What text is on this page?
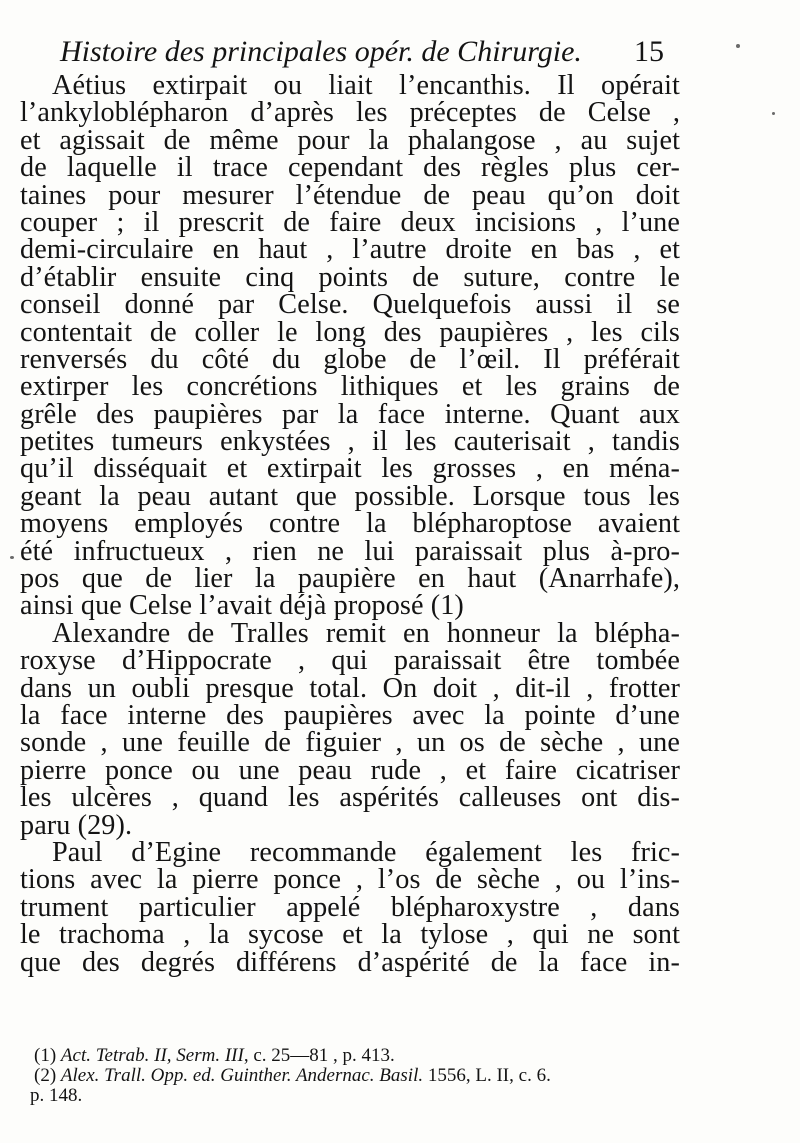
Histoire des principales opér. de Chirurgie. 15
Aétius extirpait ou liait l’encanthis. Il opérait
l’ankyloblépharon d’après les préceptes de Celse ,
et agissait de même pour la phalangose , au sujet
de laquelle il trace cependant des règles plus cer-
taines pour mesurer l’étendue de peau qu’on doit
couper ; il prescrit de faire deux incisions , l’une
demi-circulaire en haut , l’autre droite en bas , et
d’établir ensuite cinq points de suture, contre le
conseil donné par Celse. Quelquefois aussi il se
contentait de coller le long des paupières , les cils
renversés du côté du globe de l’œil. Il préférait
extirper les concrétions lithiques et les grains de
grêle des paupières par la face interne. Quant aux
petites tumeurs enkystées , il les cauterisait , tandis
qu’il disséquait et extirpait les grosses , en ména-
geant la peau autant que possible. Lorsque tous les
moyens employés contre la blépharoptose avaient
été infructueux , rien ne lui paraissait plus à-pro-
pos que de lier la paupière en haut (Anarrhafe),
ainsi que Celse l’avait déjà proposé (1)
Alexandre de Tralles remit en honneur la blépha-
roxyse d’Hippocrate , qui paraissait être tombée
dans un oubli presque total. On doit , dit-il , frotter
la face interne des paupières avec la pointe d’une
sonde , une feuille de figuier , un os de sèche , une
pierre ponce ou une peau rude , et faire cicatriser
les ulcères , quand les aspérités calleuses ont dis-
paru (29).
Paul d’Egine recommande également les fric-
tions avec la pierre ponce , l’os de sèche , ou l’ins-
trument particulier appelé blépharoxystre , dans
le trachoma , la sycose et la tylose , qui ne sont
que des degrés différens d’aspérité de la face in-
(1) Act. Tetrab. II, Serm. III, c. 25—81 , p. 413.
(2) Alex. Trall. Opp. ed. Guinther. Andernac. Basil. 1556, L. II, c. 6.
p. 148.
